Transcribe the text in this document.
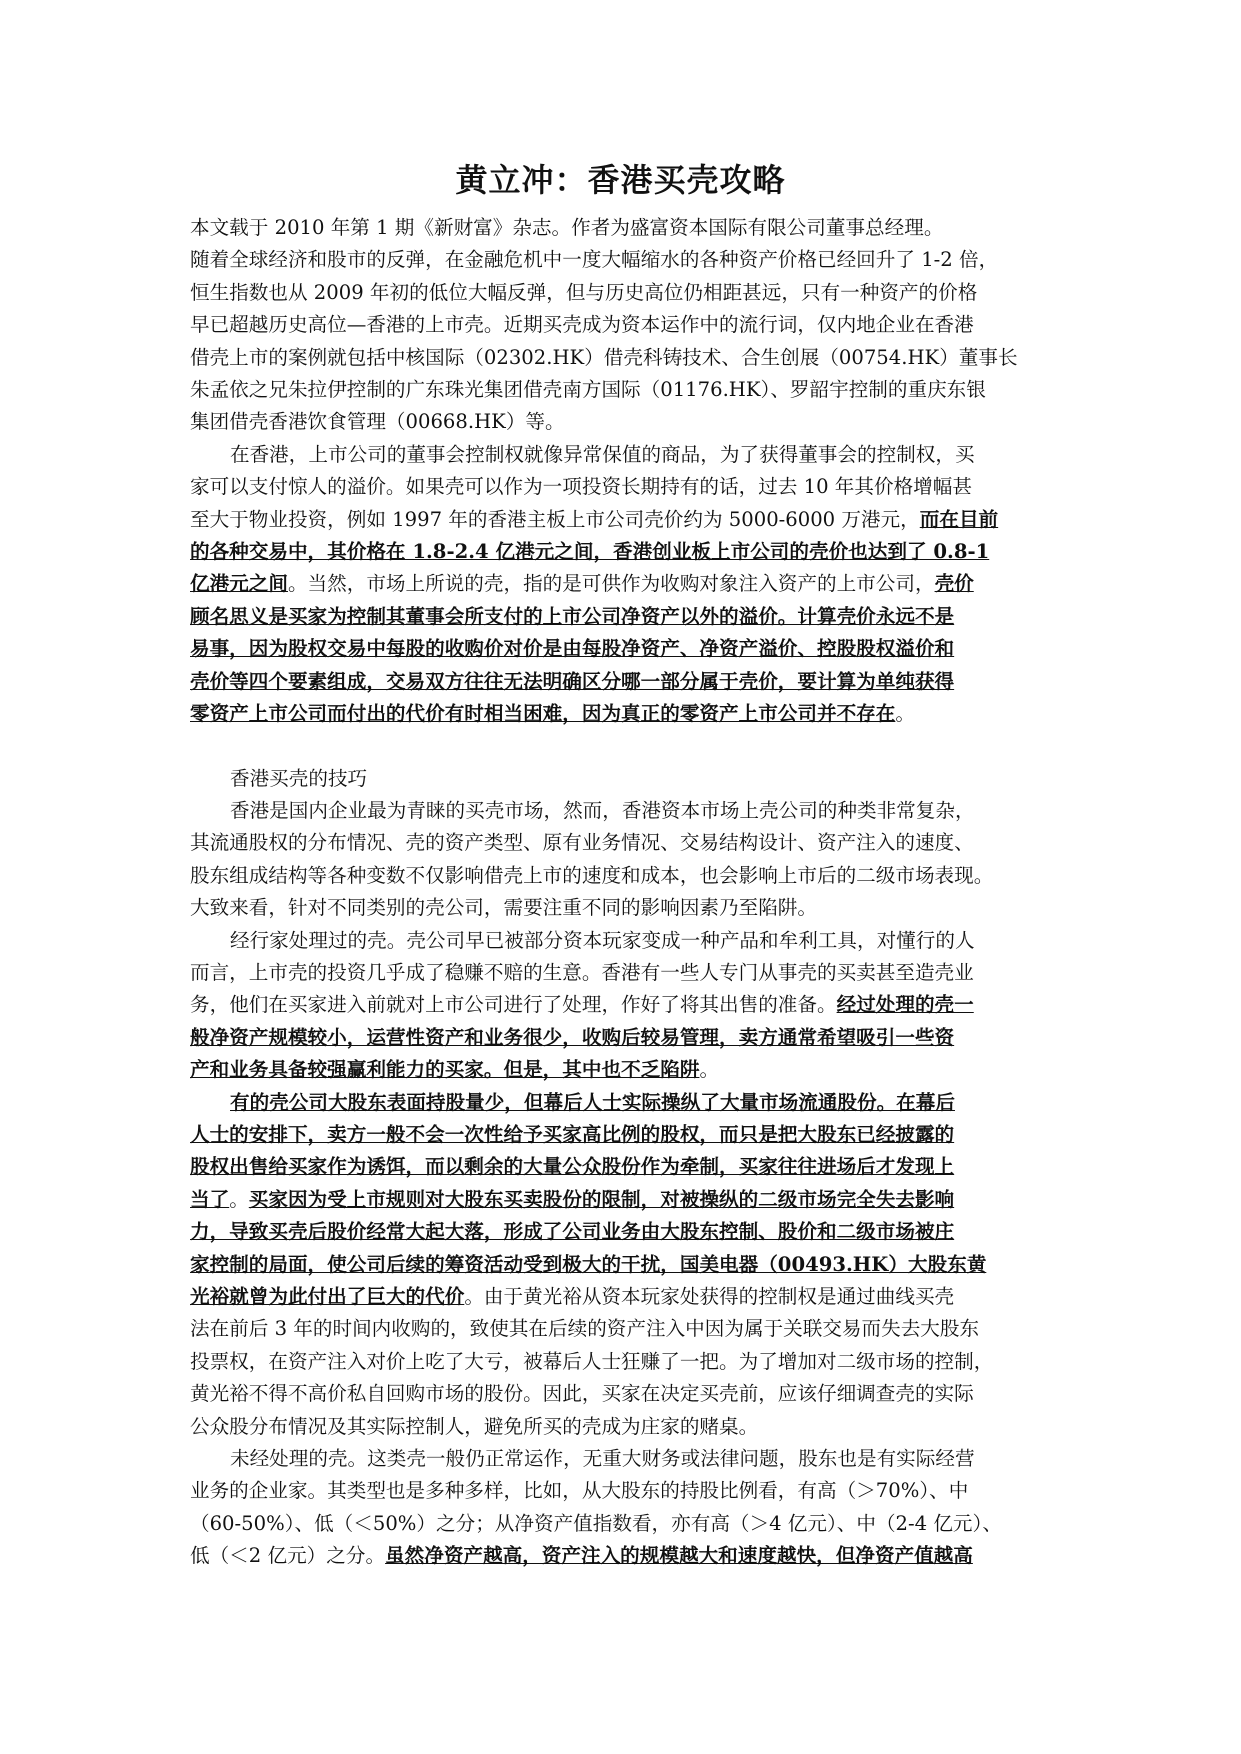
黄立冲：香港买壳攻略

本文载于 2010 年第 1 期《新财富》杂志。作者为盛富资本国际有限公司董事总经理。

随着全球经济和股市的反弹，在金融危机中一度大幅缩水的各种资产价格已经回升了 1-2 倍，

恒生指数也从 2009 年初的低位大幅反弹，但与历史高位仍相距甚远，只有一种资产的价格

早已超越历史高位—香港的上市壳。近期买壳成为资本运作中的流行词，仅内地企业在香港

借壳上市的案例就包括中核国际（02302.HK）借壳科铸技术、合生创展（00754.HK）董事长

朱孟依之兄朱拉伊控制的广东珠光集团借壳南方国际（01176.HK）、罗韶宇控制的重庆东银

集团借壳香港饮食管理（00668.HK）等。

在香港，上市公司的董事会控制权就像异常保值的商品，为了获得董事会的控制权，买

家可以支付惊人的溢价。如果壳可以作为一项投资长期持有的话，过去 10 年其价格增幅甚

至大于物业投资，例如 1997 年的香港主板上市公司壳价约为 5000-6000 万港元，而在目前

的各种交易中，其价格在 1.8-2.4 亿港元之间，香港创业板上市公司的壳价也达到了 0.8-1

亿港元之间。当然，市场上所说的壳，指的是可供作为收购对象注入资产的上市公司，壳价

顾名思义是买家为控制其董事会所支付的上市公司净资产以外的溢价。计算壳价永远不是

易事，因为股权交易中每股的收购价对价是由每股净资产、净资产溢价、控股股权溢价和

壳价等四个要素组成，交易双方往往无法明确区分哪一部分属于壳价，要计算为单纯获得

零资产上市公司而付出的代价有时相当困难，因为真正的零资产上市公司并不存在。

香港买壳的技巧

香港是国内企业最为青睐的买壳市场，然而，香港资本市场上壳公司的种类非常复杂，

其流通股权的分布情况、壳的资产类型、原有业务情况、交易结构设计、资产注入的速度、

股东组成结构等各种变数不仅影响借壳上市的速度和成本，也会影响上市后的二级市场表现。

大致来看，针对不同类别的壳公司，需要注重不同的影响因素乃至陷阱。

经行家处理过的壳。壳公司早已被部分资本玩家变成一种产品和牟利工具，对懂行的人

而言，上市壳的投资几乎成了稳赚不赔的生意。香港有一些人专门从事壳的买卖甚至造壳业

务，他们在买家进入前就对上市公司进行了处理，作好了将其出售的准备。经过处理的壳一

般净资产规模较小，运营性资产和业务很少，收购后较易管理，卖方通常希望吸引一些资

产和业务具备较强赢利能力的买家。但是，其中也不乏陷阱。

有的壳公司大股东表面持股量少，但幕后人士实际操纵了大量市场流通股份。在幕后

人士的安排下，卖方一般不会一次性给予买家高比例的股权，而只是把大股东已经披露的

股权出售给买家作为诱饵，而以剩余的大量公众股份作为牵制，买家往往进场后才发现上

当了。买家因为受上市规则对大股东买卖股份的限制，对被操纵的二级市场完全失去影响

力，导致买壳后股价经常大起大落，形成了公司业务由大股东控制、股价和二级市场被庄

家控制的局面，使公司后续的筹资活动受到极大的干扰，国美电器（00493.HK）大股东黄

光裕就曾为此付出了巨大的代价。由于黄光裕从资本玩家处获得的控制权是通过曲线买壳

法在前后 3 年的时间内收购的，致使其在后续的资产注入中因为属于关联交易而失去大股东

投票权，在资产注入对价上吃了大亏，被幕后人士狂赚了一把。为了增加对二级市场的控制，

黄光裕不得不高价私自回购市场的股份。因此，买家在决定买壳前，应该仔细调查壳的实际

公众股分布情况及其实际控制人，避免所买的壳成为庄家的赌桌。

未经处理的壳。这类壳一般仍正常运作，无重大财务或法律问题，股东也是有实际经营

业务的企业家。其类型也是多种多样，比如，从大股东的持股比例看，有高（＞70%）、中

（60-50%）、低（＜50%）之分；从净资产值指数看，亦有高（＞4 亿元）、中（2-4 亿元）、

低（＜2 亿元）之分。虽然净资产越高，资产注入的规模越大和速度越快，但净资产值越高
